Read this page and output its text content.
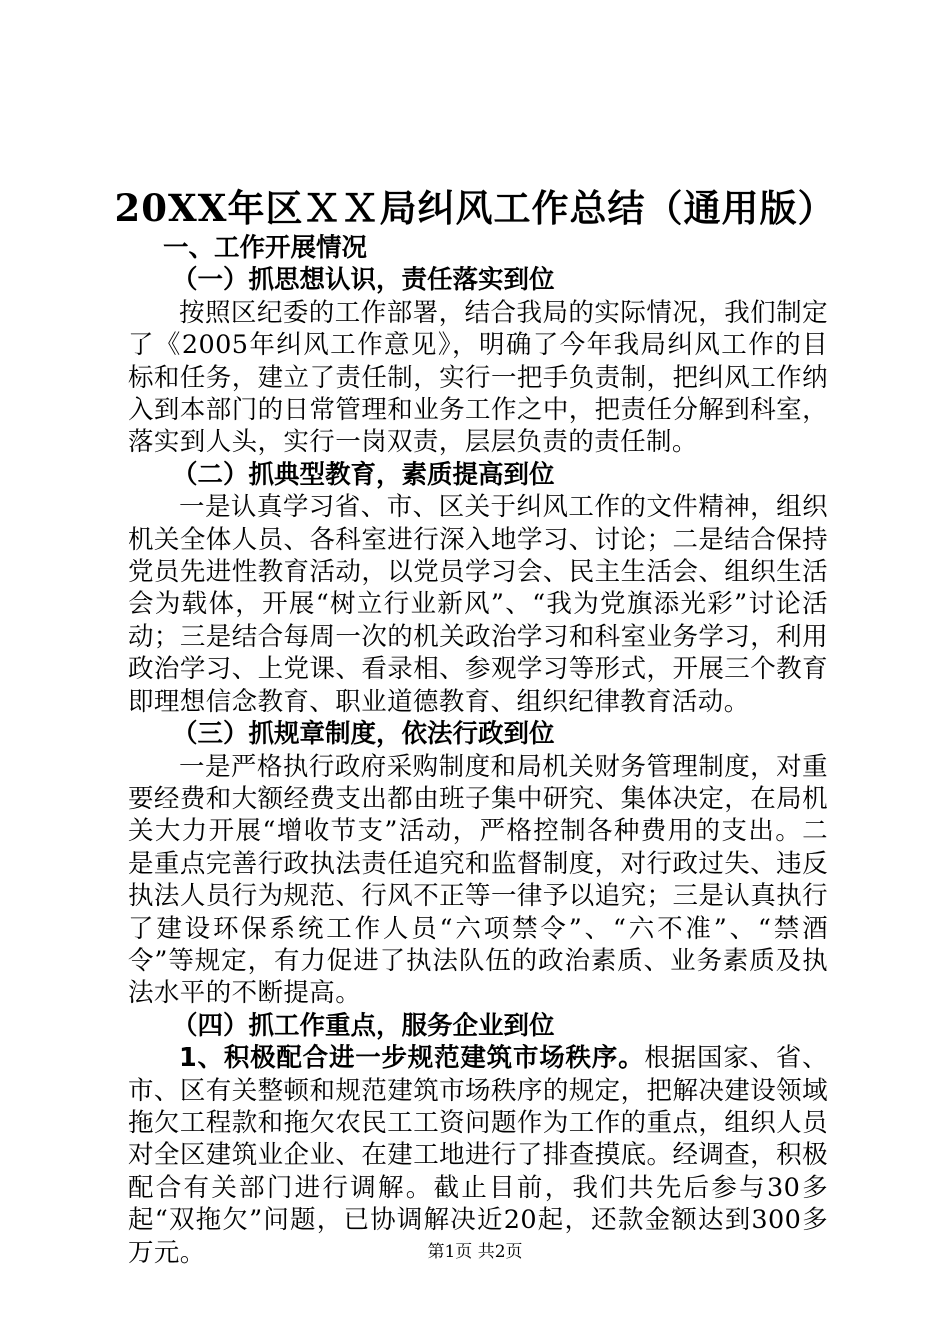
20XX年区ＸＸ局纠风工作总结（通用版）

一、工作开展情况

（一）抓思想认识，责任落实到位

按照区纪委的工作部署，结合我局的实际情况，我们制定了《2005年纠风工作意见》，明确了今年我局纠风工作的目标和任务，建立了责任制，实行一把手负责制，把纠风工作纳入到本部门的日常管理和业务工作之中，把责任分解到科室，落实到人头，实行一岗双责，层层负责的责任制。

（二）抓典型教育，素质提高到位

一是认真学习省、市、区关于纠风工作的文件精神，组织机关全体人员、各科室进行深入地学习、讨论；二是结合保持党员先进性教育活动，以党员学习会、民主生活会、组织生活会为载体，开展“树立行业新风”、“我为党旗添光彩”讨论活动；三是结合每周一次的机关政治学习和科室业务学习，利用政治学习、上党课、看录相、参观学习等形式，开展三个教育即理想信念教育、职业道德教育、组织纪律教育活动。

（三）抓规章制度，依法行政到位

一是严格执行政府采购制度和局机关财务管理制度，对重要经费和大额经费支出都由班子集中研究、集体决定，在局机关大力开展“增收节支”活动，严格控制各种费用的支出。二是重点完善行政执法责任追究和监督制度，对行政过失、违反执法人员行为规范、行风不正等一律予以追究；三是认真执行了建设环保系统工作人员“六项禁令”、“六不准”、“禁酒令”等规定，有力促进了执法队伍的政治素质、业务素质及执法水平的不断提高。

（四）抓工作重点，服务企业到位

1、积极配合进一步规范建筑市场秩序。根据国家、省、市、区有关整顿和规范建筑市场秩序的规定，把解决建设领域拖欠工程款和拖欠农民工工资问题作为工作的重点，组织人员对全区建筑业企业、在建工地进行了排查摸底。经调查，积极配合有关部门进行调解。截止目前，我们共先后参与30多起“双拖欠”问题，已协调解决近20起，还款金额达到300多万元。	第1页 共2页
